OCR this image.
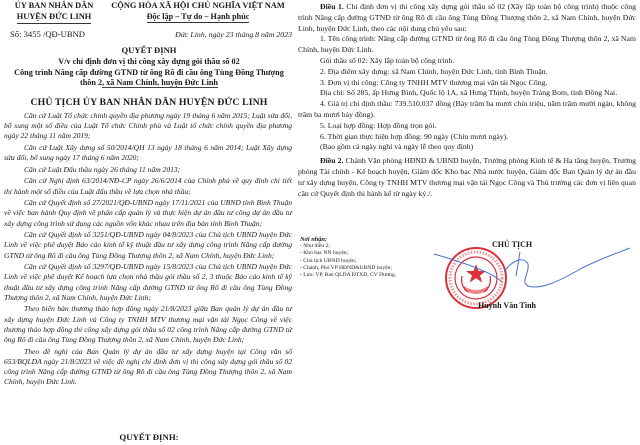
ỦY BAN NHÂN DÂN
HUYỆN ĐỨC LINH
CỘNG HÒA XÃ HỘI CHỦ NGHĨA VIỆT NAM
Độc lập – Tự do – Hạnh phúc
Số: 3455 /QĐ-UBND	Đức Linh, ngày 23 tháng 8 năm 2023
QUYẾT ĐỊNH
V/v chỉ định đơn vị thi công xây dựng gói thầu số 02
Công trình Nâng cấp đường GTND từ ông Rô đi cầu ông Tùng Đồng Thượng
thôn 2, xã Nam Chính, huyện Đức Linh
CHỦ TỊCH ỦY BAN NHÂN DÂN HUYỆN ĐỨC LINH

Căn cứ Luật Tổ chức chính quyền địa phương ngày 19 tháng 6 năm 2015; Luật sửa đổi, bổ sung một số điều của Luật Tổ chức Chính phủ và Luật tổ chức chính quyền địa phương ngày 22 tháng 11 năm 2019;

Căn cứ Luật Xây dựng số 50/2014/QH 13 ngày 18 tháng 6 năm 2014; Luật Xây dựng sửa đổi, bổ sung ngày 17 tháng 6 năm 2020;

Căn cứ Luật Đấu thầu ngày 26 tháng 11 năm 2013;

Căn cứ Nghị định 63/2014/NĐ-CP ngày 26/6/2014 của Chính phủ về quy định chi tiết thi hành một số điều của Luật đấu thầu về lựa chọn nhà thầu;

Căn cứ Quyết định số 27/2021/QĐ-UBND ngày 17/11/2021 của UBND tỉnh Bình Thuận về việc ban hành Quy định về phân cấp quản lý và thực hiện dự án đầu tư công dự án đầu tư xây dựng công trình sử dụng các nguồn vốn khác nhau trên địa bàn tỉnh Bình Thuận;

Căn cứ Quyết định số 3251/QĐ-UBND ngày 04/8/2023 của Chủ tịch UBND huyện Đức Linh về việc phê duyệt Báo cáo kinh tế kỹ thuật đầu tư xây dựng công trình Nâng cấp đường GTND từ ông Rô đi cầu ông Tùng Đồng Thượng thôn 2, xã Nam Chính, huyện Đức Linh;

Căn cứ Quyết định số 3297/QĐ-UBND ngày 15/8/2023 của Chủ tịch UBND huyện Đức Linh về việc phê duyệt Kế hoạch lựa chọn nhà thầu gói thầu số 2, 3 thuộc Báo cáo kinh tế kỹ thuật đầu tư xây dựng công trình Nâng cấp đường GTND từ ông Rô đi cầu ông Tùng Đồng Thượng thôn 2, xã Nam Chính, huyện Đức Linh;

Theo biên bản thương thảo hợp đồng ngày 21/8/2023 giữa Ban quản lý dự án đầu tư xây dựng huyện Đức Linh và Công ty TNHH MTV thương mại vận tải Ngọc Công về việc thương thảo hợp đồng thi công xây dựng gói thầu số 02 công trình Nâng cấp đường GTND từ ông Rô đi cầu ông Tùng Đồng Thượng thôn 2, xã Nam Chính, huyện Đức Linh;

Theo đề nghị của Ban Quản lý dự án đầu tư xây dựng huyện tại Công văn số 653/BQLDA ngày 21/8/2023 về việc đề nghị chỉ định đơn vị thi công xây dựng gói thầu số 02 công trình Nâng cấp đường GTND từ ông Rô đi cầu ông Tùng Đồng Thượng thôn 2, xã Nam Chính, huyện Đức Linh.

QUYẾT ĐỊNH:

Điều 1. Chỉ định đơn vị thi công xây dựng gói thầu số 02 (Xây lắp toàn bộ công trình) thuộc công trình Nâng cấp đường GTNĐ từ ông Rô đi cầu ông Tùng Đồng Thượng thôn 2, xã Nam Chính, huyện Đức Linh, huyện Đức Linh, theo các nội dung chủ yếu sau:

1. Tên công trình: Nâng cấp đường GTND từ ông Rô đi cầu ông Tùng Đồng Thượng thôn 2, xã Nam Chính, huyện Đức Linh.

Gói thầu số 02: Xây lắp toàn bộ công trình.

2. Địa điểm xây dựng: xã Nam Chính, huyện Đức Linh, tỉnh Bình Thuận.

3. Đơn vị thi công: Công ty TNHH MTV thương mại vận tải Ngọc Công.

Địa chỉ: Số 285, ấp Hưng Bình, Quốc lộ 1A, xã Hưng Thịnh, huyện Trảng Bom, tỉnh Đồng Nai.

4. Giá trị chỉ định thầu: 739.510.037 đồng (Bảy trăm ba mươi chín triệu, năm trăm mười ngàn, không trăm ba mươi bảy đồng).

5. Loại hợp đồng: Hợp đồng trọn gói.

6. Thời gian thực hiện hợp đồng: 90 ngày (Chín mươi ngày).

(Bao gồm cả ngày nghỉ và ngày lễ theo quy định)

Điều 2. Chánh Văn phòng HĐND & UBND huyện, Trưởng phòng Kinh tế & Hạ tầng huyện, Trưởng phòng Tài chính - Kế hoạch huyện, Giám đốc Kho bạc Nhà nước huyện, Giám đốc Ban Quản lý dự án đầu tư xây dựng huyện, Công ty TNHH MTV thương mại vận tải Ngọc Công và Thủ trưởng các đơn vị liên quan căn cứ Quyết định thi hành kể từ ngày ký./.

Nơi nhận:
- Như điều 2;
- Kho bạc NN huyện;
- Chủ tịch UBND huyện;
- Chánh, Phó VP HĐND&UBND huyện;
- Lưu: VP, Ban QLDA ĐTXD, CV Dương.
CHỦ TỊCH
Huỳnh Văn Tình
